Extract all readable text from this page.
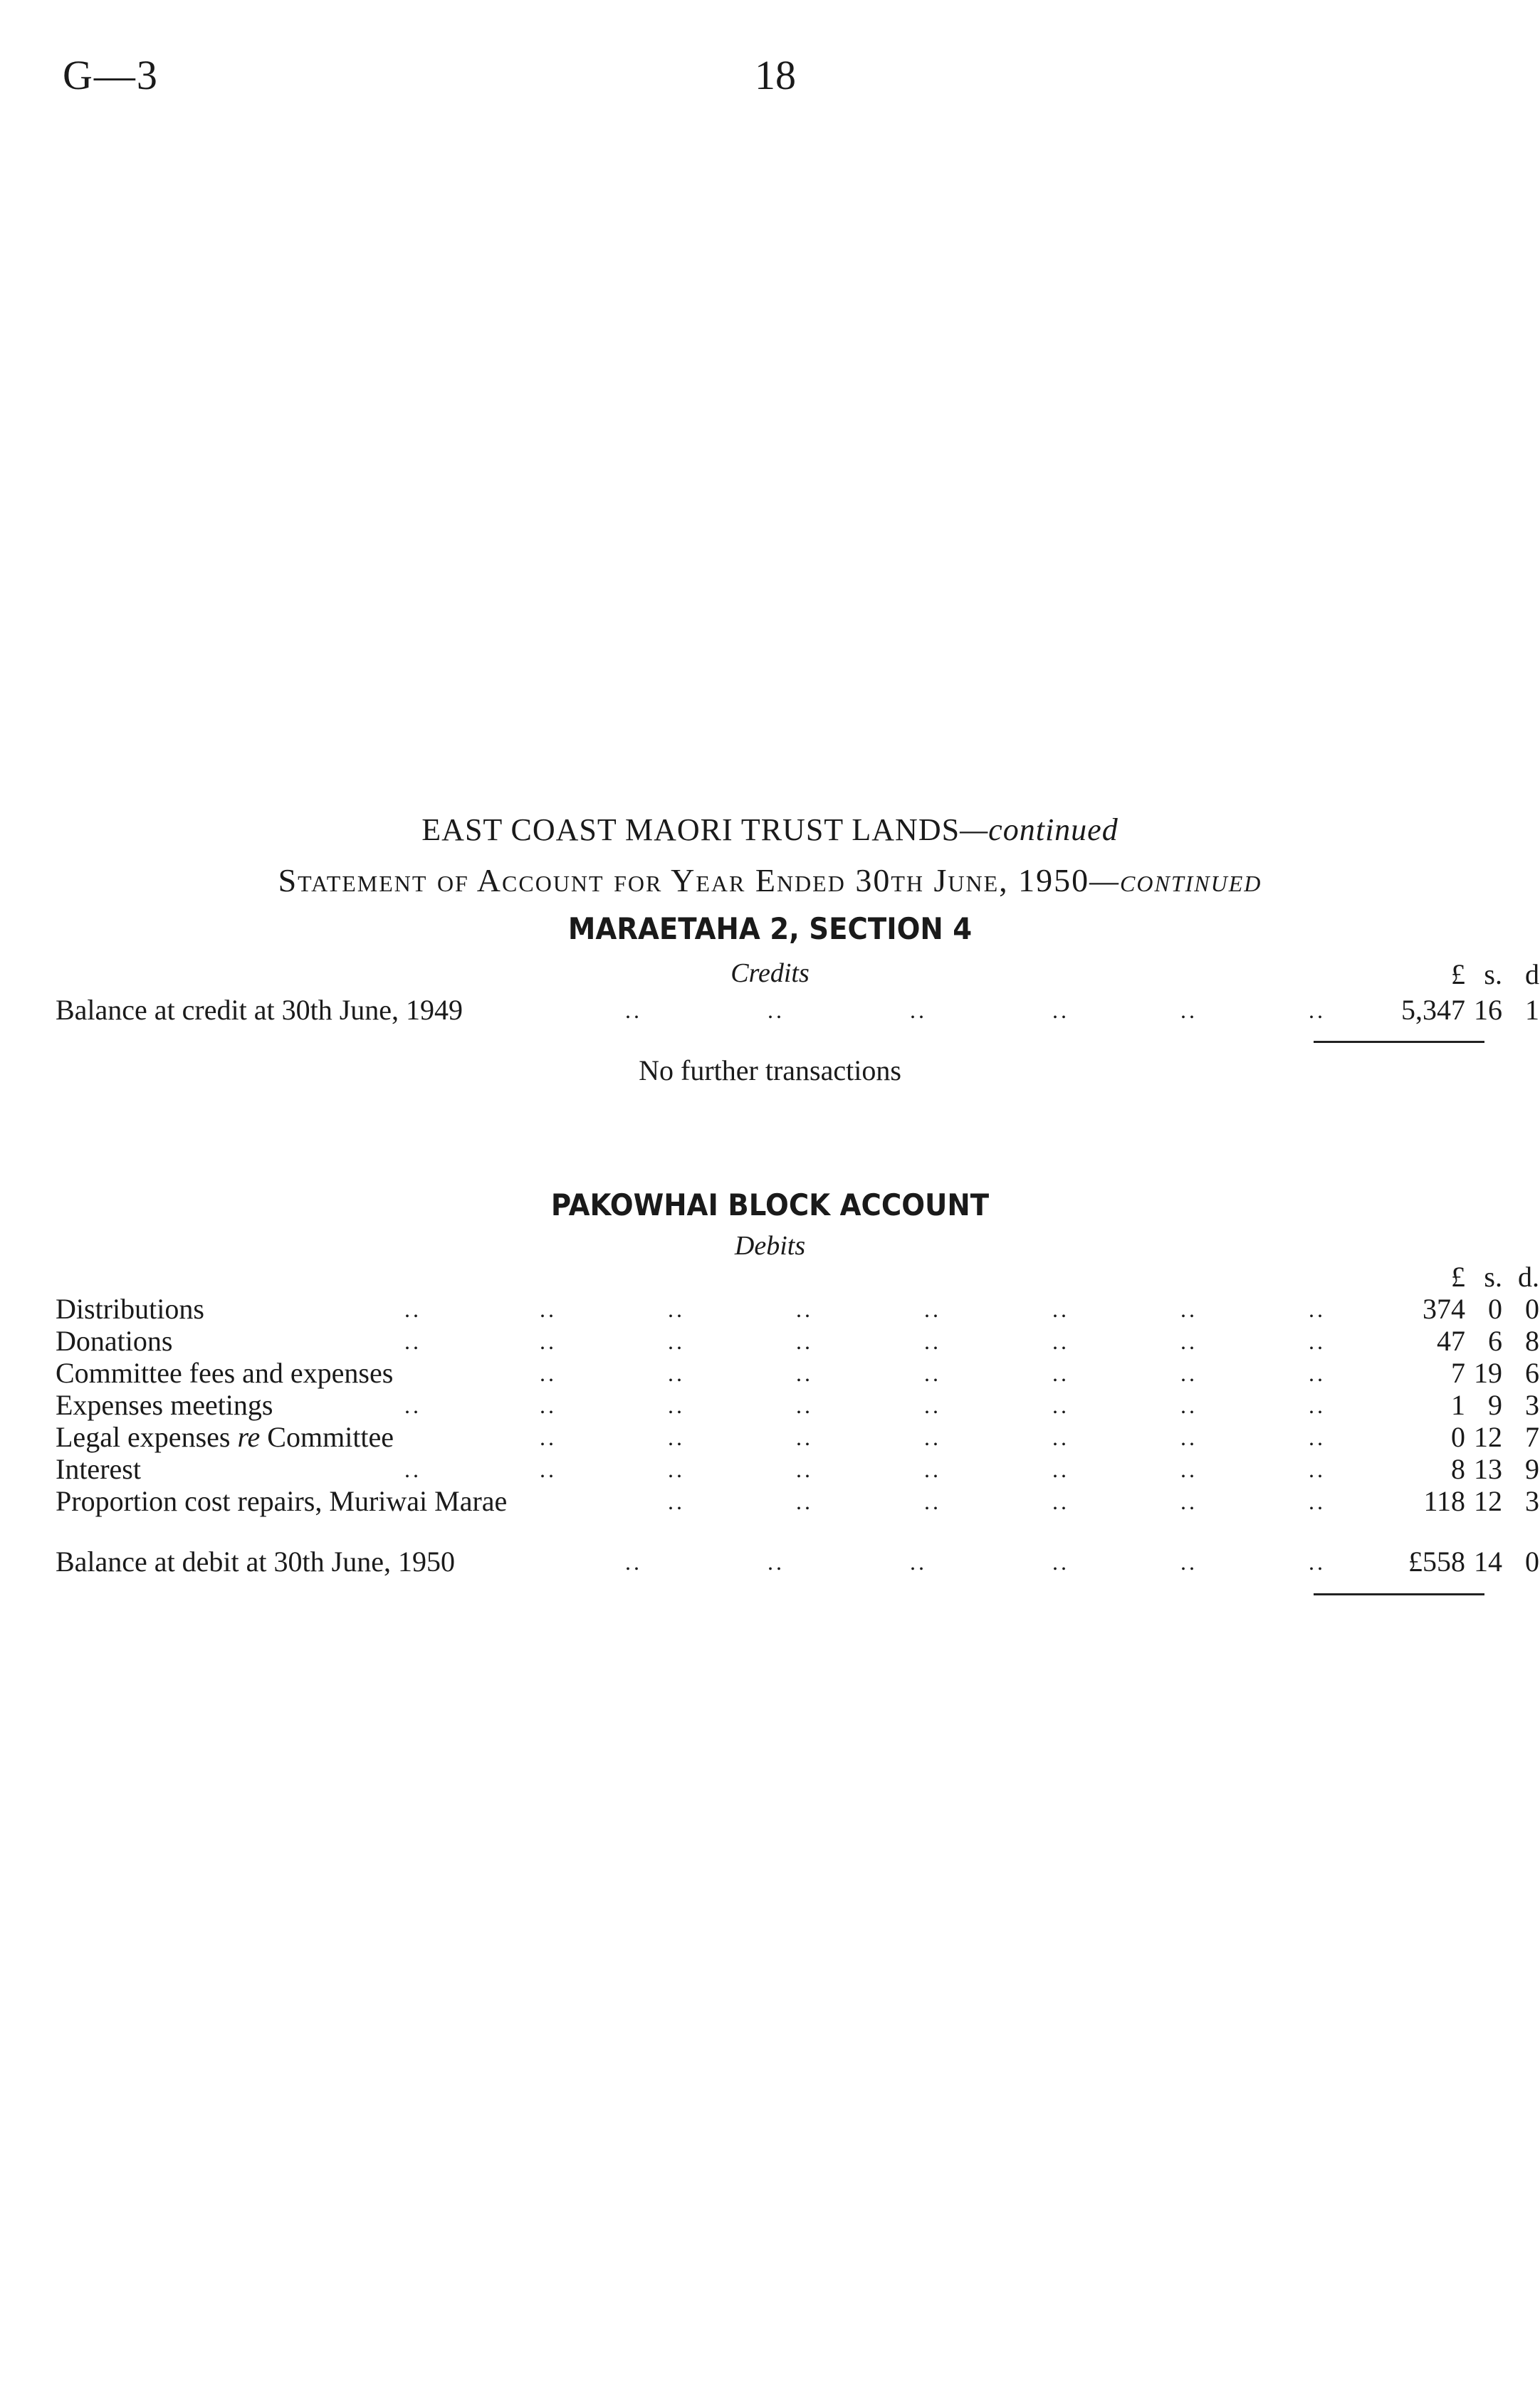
G—3	18
EAST COAST MAORI TRUST LANDS—continued
Statement of Account for Year Ended 30th June, 1950—continued
MARAETAHA 2, SECTION 4
Credits	£ s. d
Balance at credit at 30th June, 1949	..	..	..	..	..	..	5,347 16 1
No further transactions
PAKOWHAI BLOCK ACCOUNT
Debits
£ s. d.
Distributions	..	..	..	..	..	..	..	..	374 0 0
Donations	..	..	..	..	..	..	..	..	47 6 8
Committee fees and expenses	..	..	..	..	..	..	..	7 19 6
Expenses meetings	..	..	..	..	..	..	..	..	1 9 3
Legal expenses re Committee	..	..	..	..	..	..	..	0 12 7
Interest	..	..	..	..	..	..	..	..	8 13 9
Proportion cost repairs, Muriwai Marae	..	..	..	..	..	..	118 12 3
Balance at debit at 30th June, 1950	..	..	..	..	..	..	£558 14 0
